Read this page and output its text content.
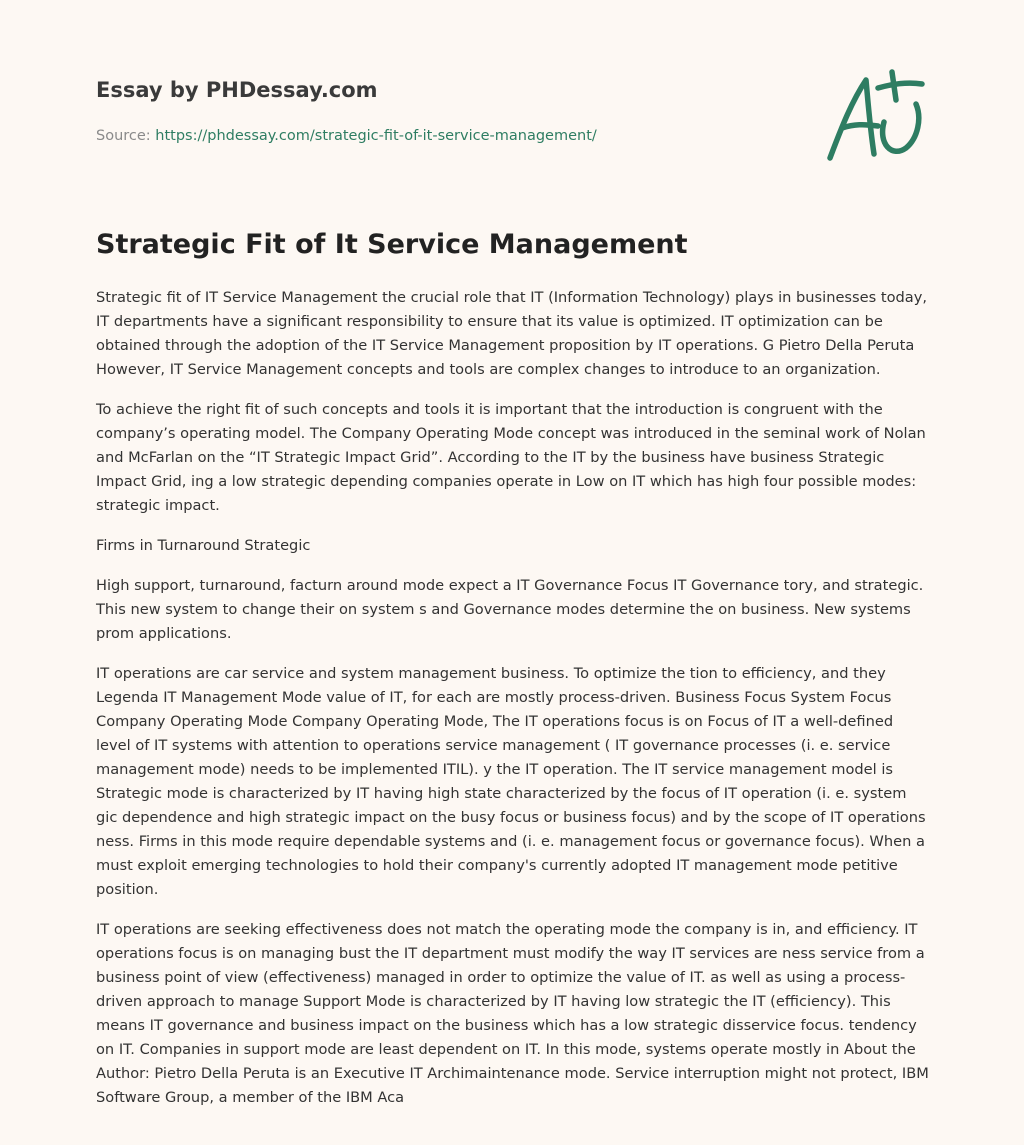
Essay by PHDessay.com
Source: https://phdessay.com/strategic-fit-of-it-service-management/
Strategic Fit of It Service Management

Strategic fit of IT Service Management the crucial role that IT (Information Technology) plays in businesses today, IT departments have a significant responsibility to ensure that its value is optimized. IT optimization can be obtained through the adoption of the IT Service Management proposition by IT operations. G Pietro Della Peruta However, IT Service Management concepts and tools are complex changes to introduce to an organization.

To achieve the right fit of such concepts and tools it is important that the introduction is congruent with the company’s operating model. The Company Operating Mode concept was introduced in the seminal work of Nolan and McFarlan on the “IT Strategic Impact Grid”. According to the IT by the business have business Strategic Impact Grid, ing a low strategic depending companies operate in Low on IT which has high four possible modes: strategic impact.

Firms in Turnaround Strategic

High support, turnaround, facturn around mode expect a IT Governance Focus IT Governance tory, and strategic. This new system to change their on system s and Governance modes determine the on business. New systems prom applications.

IT operations are car service and system management business. To optimize the tion to efficiency, and they Legenda IT Management Mode value of IT, for each are mostly process-driven. Business Focus System Focus Company Operating Mode Company Operating Mode, The IT operations focus is on Focus of IT a well-defined level of IT systems with attention to operations service management ( IT governance processes (i. e. service management mode) needs to be implemented ITIL). y the IT operation. The IT service management model is Strategic mode is characterized by IT having high state characterized by the focus of IT operation (i. e. system gic dependence and high strategic impact on the busy focus or business focus) and by the scope of IT operations ness. Firms in this mode require dependable systems and (i. e. management focus or governance focus). When a must exploit emerging technologies to hold their company's currently adopted IT management mode petitive position.

IT operations are seeking effectiveness does not match the operating mode the company is in, and efficiency. IT operations focus is on managing bust the IT department must modify the way IT services are ness service from a business point of view (effectiveness) managed in order to optimize the value of IT. as well as using a process-driven approach to manage Support Mode is characterized by IT having low strategic the IT (efficiency). This means IT governance and business impact on the business which has a low strategic disservice focus. tendency on IT. Companies in support mode are least dependent on IT. In this mode, systems operate mostly in About the Author: Pietro Della Peruta is an Executive IT Archimaintenance mode. Service interruption might not protect, IBM Software Group, a member of the IBM Aca
